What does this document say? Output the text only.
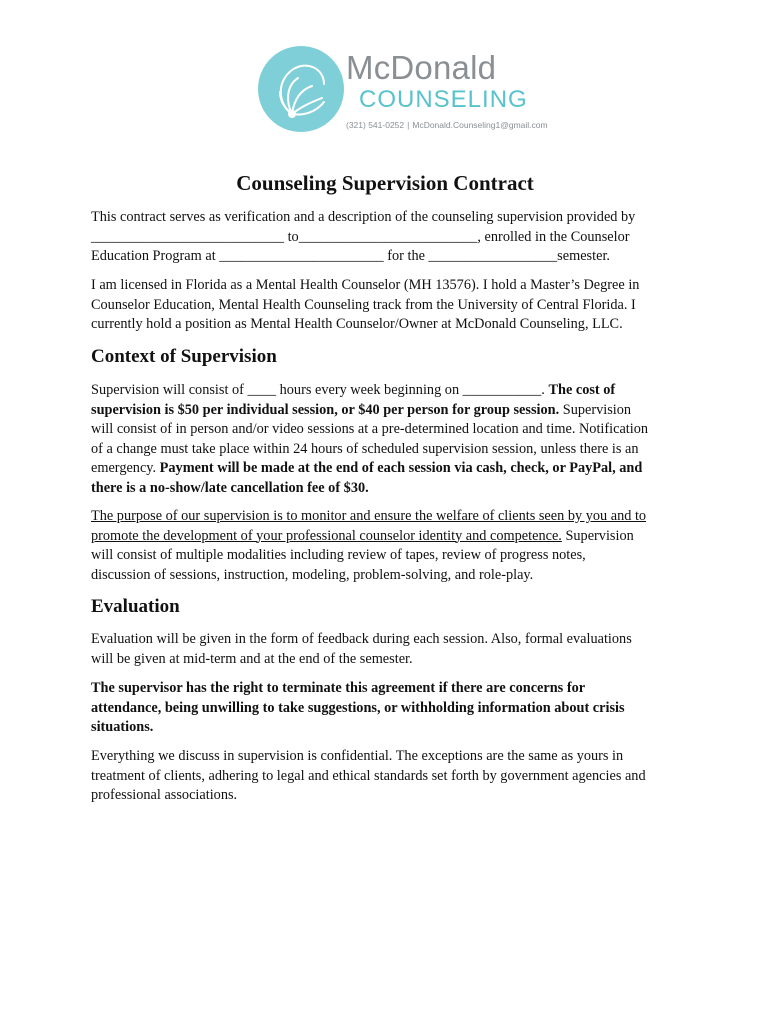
McDonald
COUNSELING
(321) 541-0252 | McDonald.Counseling1@gmail.com
Counseling Supervision Contract

This contract serves as verification and a description of the counseling supervision provided by
___________________________ to_________________________, enrolled in the Counselor
Education Program at _______________________ for the __________________semester.

I am licensed in Florida as a Mental Health Counselor (MH 13576). I hold a Master’s Degree in
Counselor Education, Mental Health Counseling track from the University of Central Florida. I
currently hold a position as Mental Health Counselor/Owner at McDonald Counseling, LLC.

Context of Supervision

Supervision will consist of ____ hours every week beginning on ___________. The cost of
supervision is $50 per individual session, or $40 per person for group session. Supervision
will consist of in person and/or video sessions at a pre-determined location and time. Notification
of a change must take place within 24 hours of scheduled supervision session, unless there is an
emergency. Payment will be made at the end of each session via cash, check, or PayPal, and
there is a no-show/late cancellation fee of $30.

The purpose of our supervision is to monitor and ensure the welfare of clients seen by you and to
promote the development of your professional counselor identity and competence. Supervision
will consist of multiple modalities including review of tapes, review of progress notes,
discussion of sessions, instruction, modeling, problem-solving, and role-play.

Evaluation

Evaluation will be given in the form of feedback during each session. Also, formal evaluations
will be given at mid-term and at the end of the semester.

The supervisor has the right to terminate this agreement if there are concerns for
attendance, being unwilling to take suggestions, or withholding information about crisis
situations.

Everything we discuss in supervision is confidential. The exceptions are the same as yours in
treatment of clients, adhering to legal and ethical standards set forth by government agencies and
professional associations.
